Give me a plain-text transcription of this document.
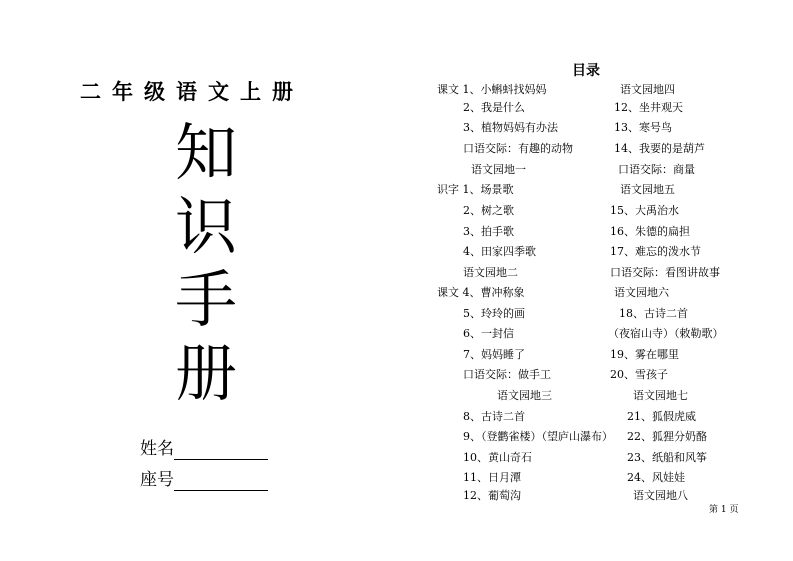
二年级语文上册
知
识
手
册
姓名
座号
目录
课文 1、小蝌蚪找妈妈
2、我是什么
3、植物妈妈有办法
口语交际：有趣的动物
语文园地一
识字 1、场景歌
2、树之歌
3、拍手歌
4、田家四季歌
语文园地二
课文 4、曹冲称象
5、玲玲的画
6、一封信
7、妈妈睡了
口语交际：做手工
语文园地三
8、古诗二首
9、（登鹳雀楼）（望庐山瀑布）
10、黄山奇石
11、日月潭
12、葡萄沟
语文园地四
12、坐井观天
13、寒号鸟
14、我要的是葫芦
口语交际：商量
语文园地五
15、大禹治水
16、朱德的扁担
17、难忘的泼水节
口语交际：看图讲故事
语文园地六
18、古诗二首
（夜宿山寺）（敕勒歌）
19、雾在哪里
20、雪孩子
语文园地七
21、狐假虎威
22、狐狸分奶酪
23、纸船和风筝
24、风娃娃
语文园地八
第 1 页
